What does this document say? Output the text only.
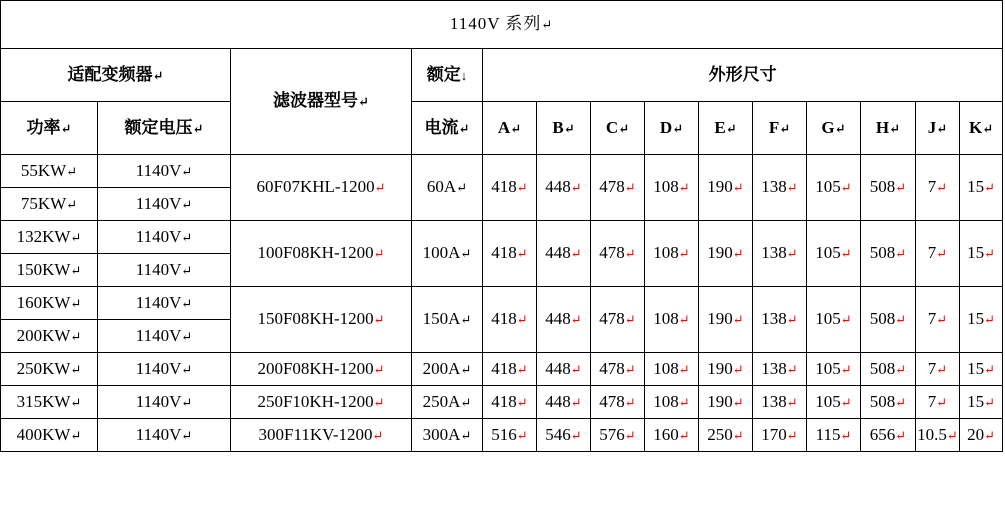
1140V 系列↵													
适配变频器↵		滤波器型号↵	额定↓	外形尺寸									
功率↵	额定电压↵		电流↵	A↵	B↵	C↵	D↵	E↵	F↵	G↵	H↵	J↵	K↵
55KW↵	1140V↵	60F07KHL-1200↵	60A↵	418↵	448↵	478↵	108↵	190↵	138↵	105↵	508↵	7↵	15↵
75KW↵	1140V↵												
132KW↵	1140V↵	100F08KH-1200↵	100A↵	418↵	448↵	478↵	108↵	190↵	138↵	105↵	508↵	7↵	15↵
150KW↵	1140V↵												
160KW↵	1140V↵	150F08KH-1200↵	150A↵	418↵	448↵	478↵	108↵	190↵	138↵	105↵	508↵	7↵	15↵
200KW↵	1140V↵												
250KW↵	1140V↵	200F08KH-1200↵	200A↵	418↵	448↵	478↵	108↵	190↵	138↵	105↵	508↵	7↵	15↵
315KW↵	1140V↵	250F10KH-1200↵	250A↵	418↵	448↵	478↵	108↵	190↵	138↵	105↵	508↵	7↵	15↵
400KW↵	1140V↵	300F11KV-1200↵	300A↵	516↵	546↵	576↵	160↵	250↵	170↵	115↵	656↵	10.5↵	20↵
